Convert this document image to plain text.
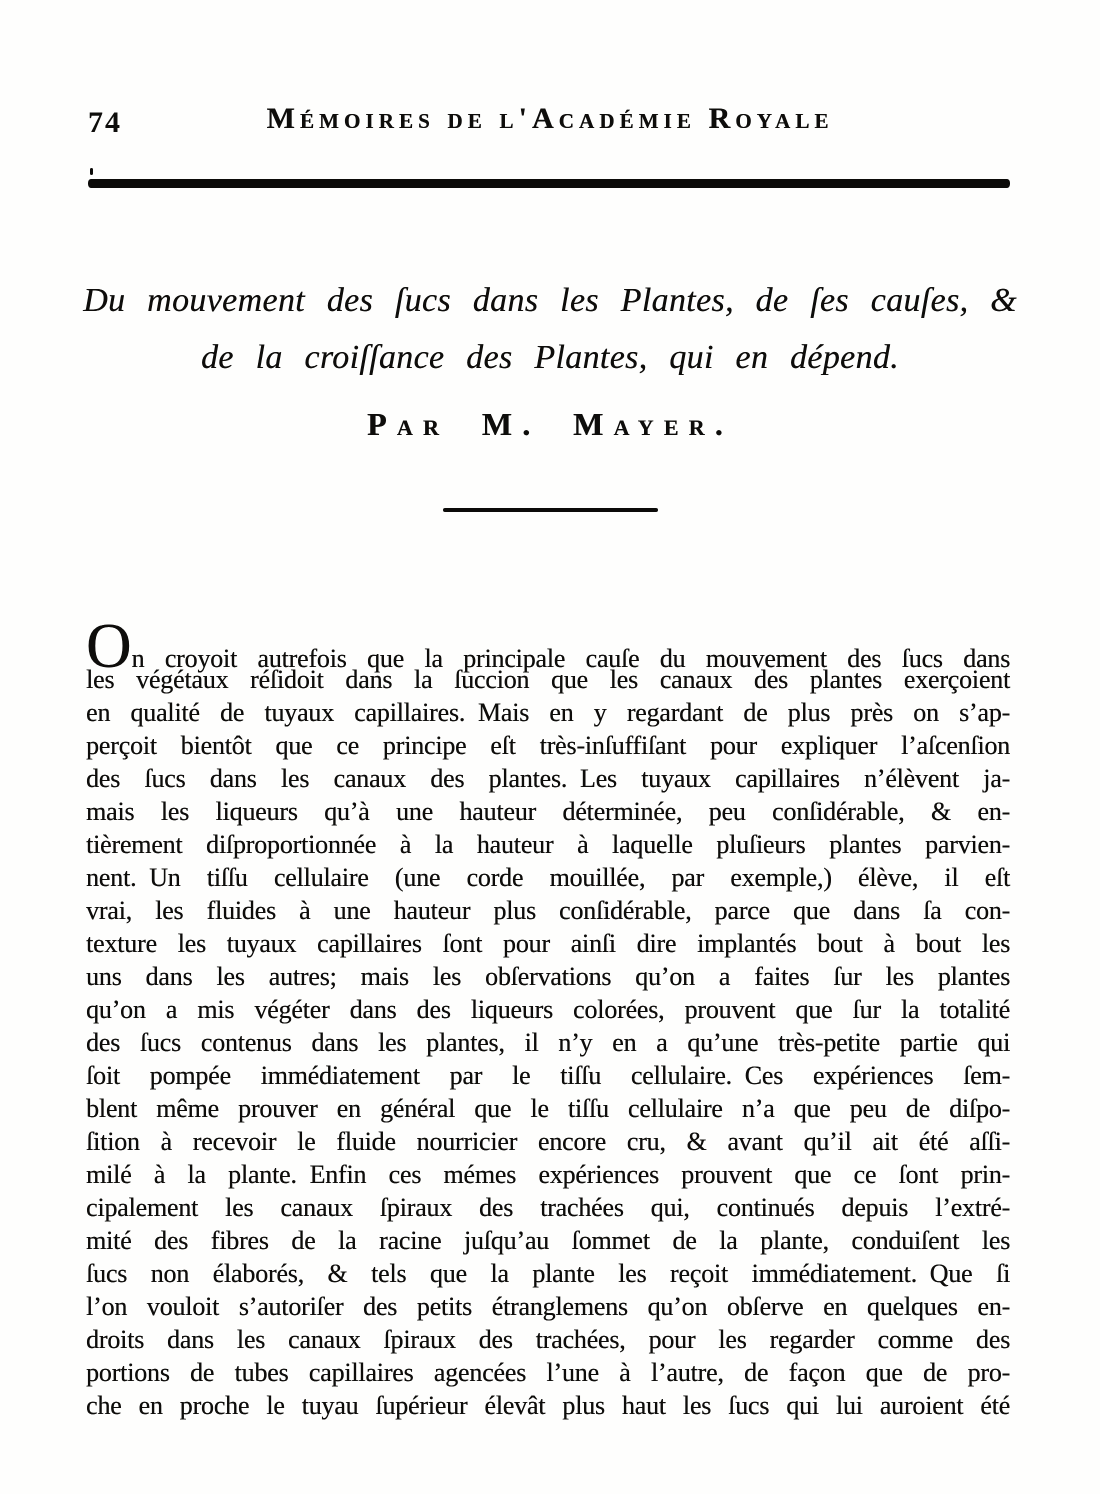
74	Mémoires de l'Académie Royale
Du mouvement des ſucs dans les Plantes, de ſes cauſes, &
de la croiſſance des Plantes, qui en dépend.
Par M. Mayer.
On croyoit autrefois que la principale cauſe du mouvement des ſucs dans
les végétaux réſidoit dans la ſuccion que les canaux des plantes exerçoient
en qualité de tuyaux capillaires. Mais en y regardant de plus près on s’ap-
perçoit bientôt que ce principe eſt très-inſuffiſant pour expliquer l’aſcenſion
des ſucs dans les canaux des plantes. Les tuyaux capillaires n’élèvent ja-
mais les liqueurs qu’à une hauteur déterminée, peu conſidérable, & en-
tièrement diſproportionnée à la hauteur à laquelle pluſieurs plantes parvien-
nent. Un tiſſu cellulaire (une corde mouillée, par exemple,) élève, il eſt
vrai, les fluides à une hauteur plus conſidérable, parce que dans ſa con-
texture les tuyaux capillaires ſont pour ainſi dire implantés bout à bout les
uns dans les autres; mais les obſervations qu’on a faites ſur les plantes
qu’on a mis végéter dans des liqueurs colorées, prouvent que ſur la totalité
des ſucs contenus dans les plantes, il n’y en a qu’une très-petite partie qui
ſoit pompée immédiatement par le tiſſu cellulaire. Ces expériences ſem-
blent même prouver en général que le tiſſu cellulaire n’a que peu de diſpo-
ſition à recevoir le fluide nourricier encore cru, & avant qu’il ait été aſſi-
milé à la plante. Enfin ces mémes expériences prouvent que ce ſont prin-
cipalement les canaux ſpiraux des trachées qui, continués depuis l’extré-
mité des fibres de la racine juſqu’au ſommet de la plante, conduiſent les
ſucs non élaborés, & tels que la plante les reçoit immédiatement. Que ſi
l’on vouloit s’autoriſer des petits étranglemens qu’on obſerve en quelques en-
droits dans les canaux ſpiraux des trachées, pour les regarder comme des
portions de tubes capillaires agencées l’une à l’autre, de façon que de pro-
che en proche le tuyau ſupérieur élevât plus haut les ſucs qui lui auroient été
